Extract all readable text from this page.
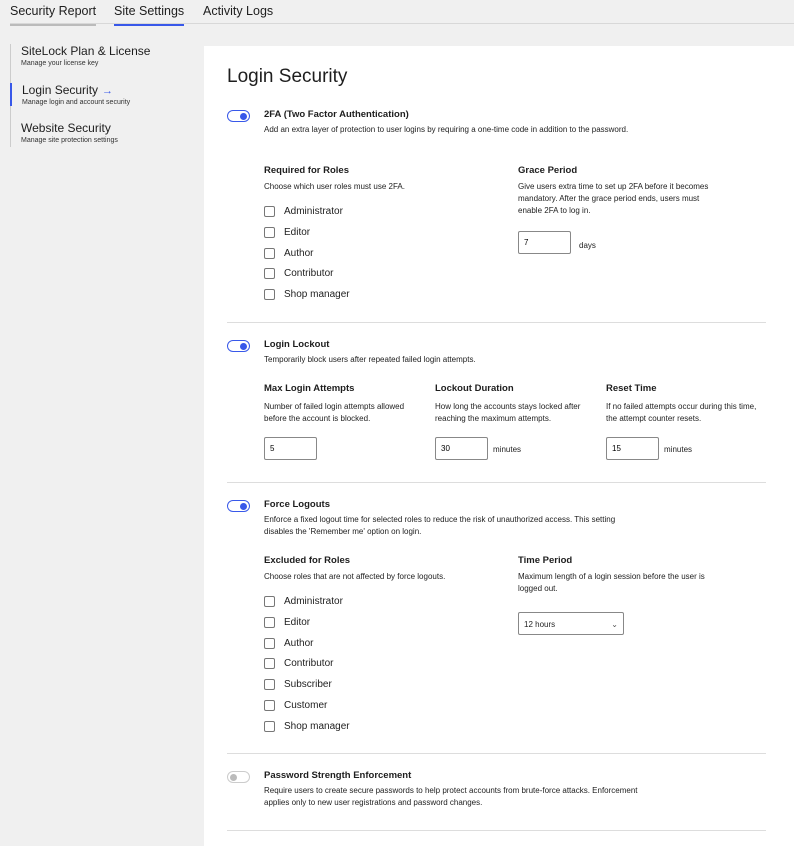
Security Report Site Settings Activity Logs
SiteLock Plan & License
Manage your license key
Login Security →
Manage login and account security
Website Security
Manage site protection settings
Login Security
2FA (Two Factor Authentication)
Add an extra layer of protection to user logins by requiring a one-time code in addition to the password.
Required for Roles
Choose which user roles must use 2FA.
Administrator
Editor
Author
Contributor
Shop manager
Grace Period
Give users extra time to set up 2FA before it becomes mandatory. After the grace period ends, users must enable 2FA to log in.
7
days
Login Lockout
Temporarily block users after repeated failed login attempts.
Max Login Attempts
Number of failed login attempts allowed before the account is blocked.
5
Lockout Duration
How long the accounts stays locked after reaching the maximum attempts.
30
minutes
Reset Time
If no failed attempts occur during this time, the attempt counter resets.
15
minutes
Force Logouts
Enforce a fixed logout time for selected roles to reduce the risk of unauthorized access. This setting disables the 'Remember me' option on login.
Excluded for Roles
Choose roles that are not affected by force logouts.
Administrator
Editor
Author
Contributor
Subscriber
Customer
Shop manager
Time Period
Maximum length of a login session before the user is logged out.
12 hours	⌄
Password Strength Enforcement
Require users to create secure passwords to help protect accounts from brute-force attacks. Enforcement applies only to new user registrations and password changes.
